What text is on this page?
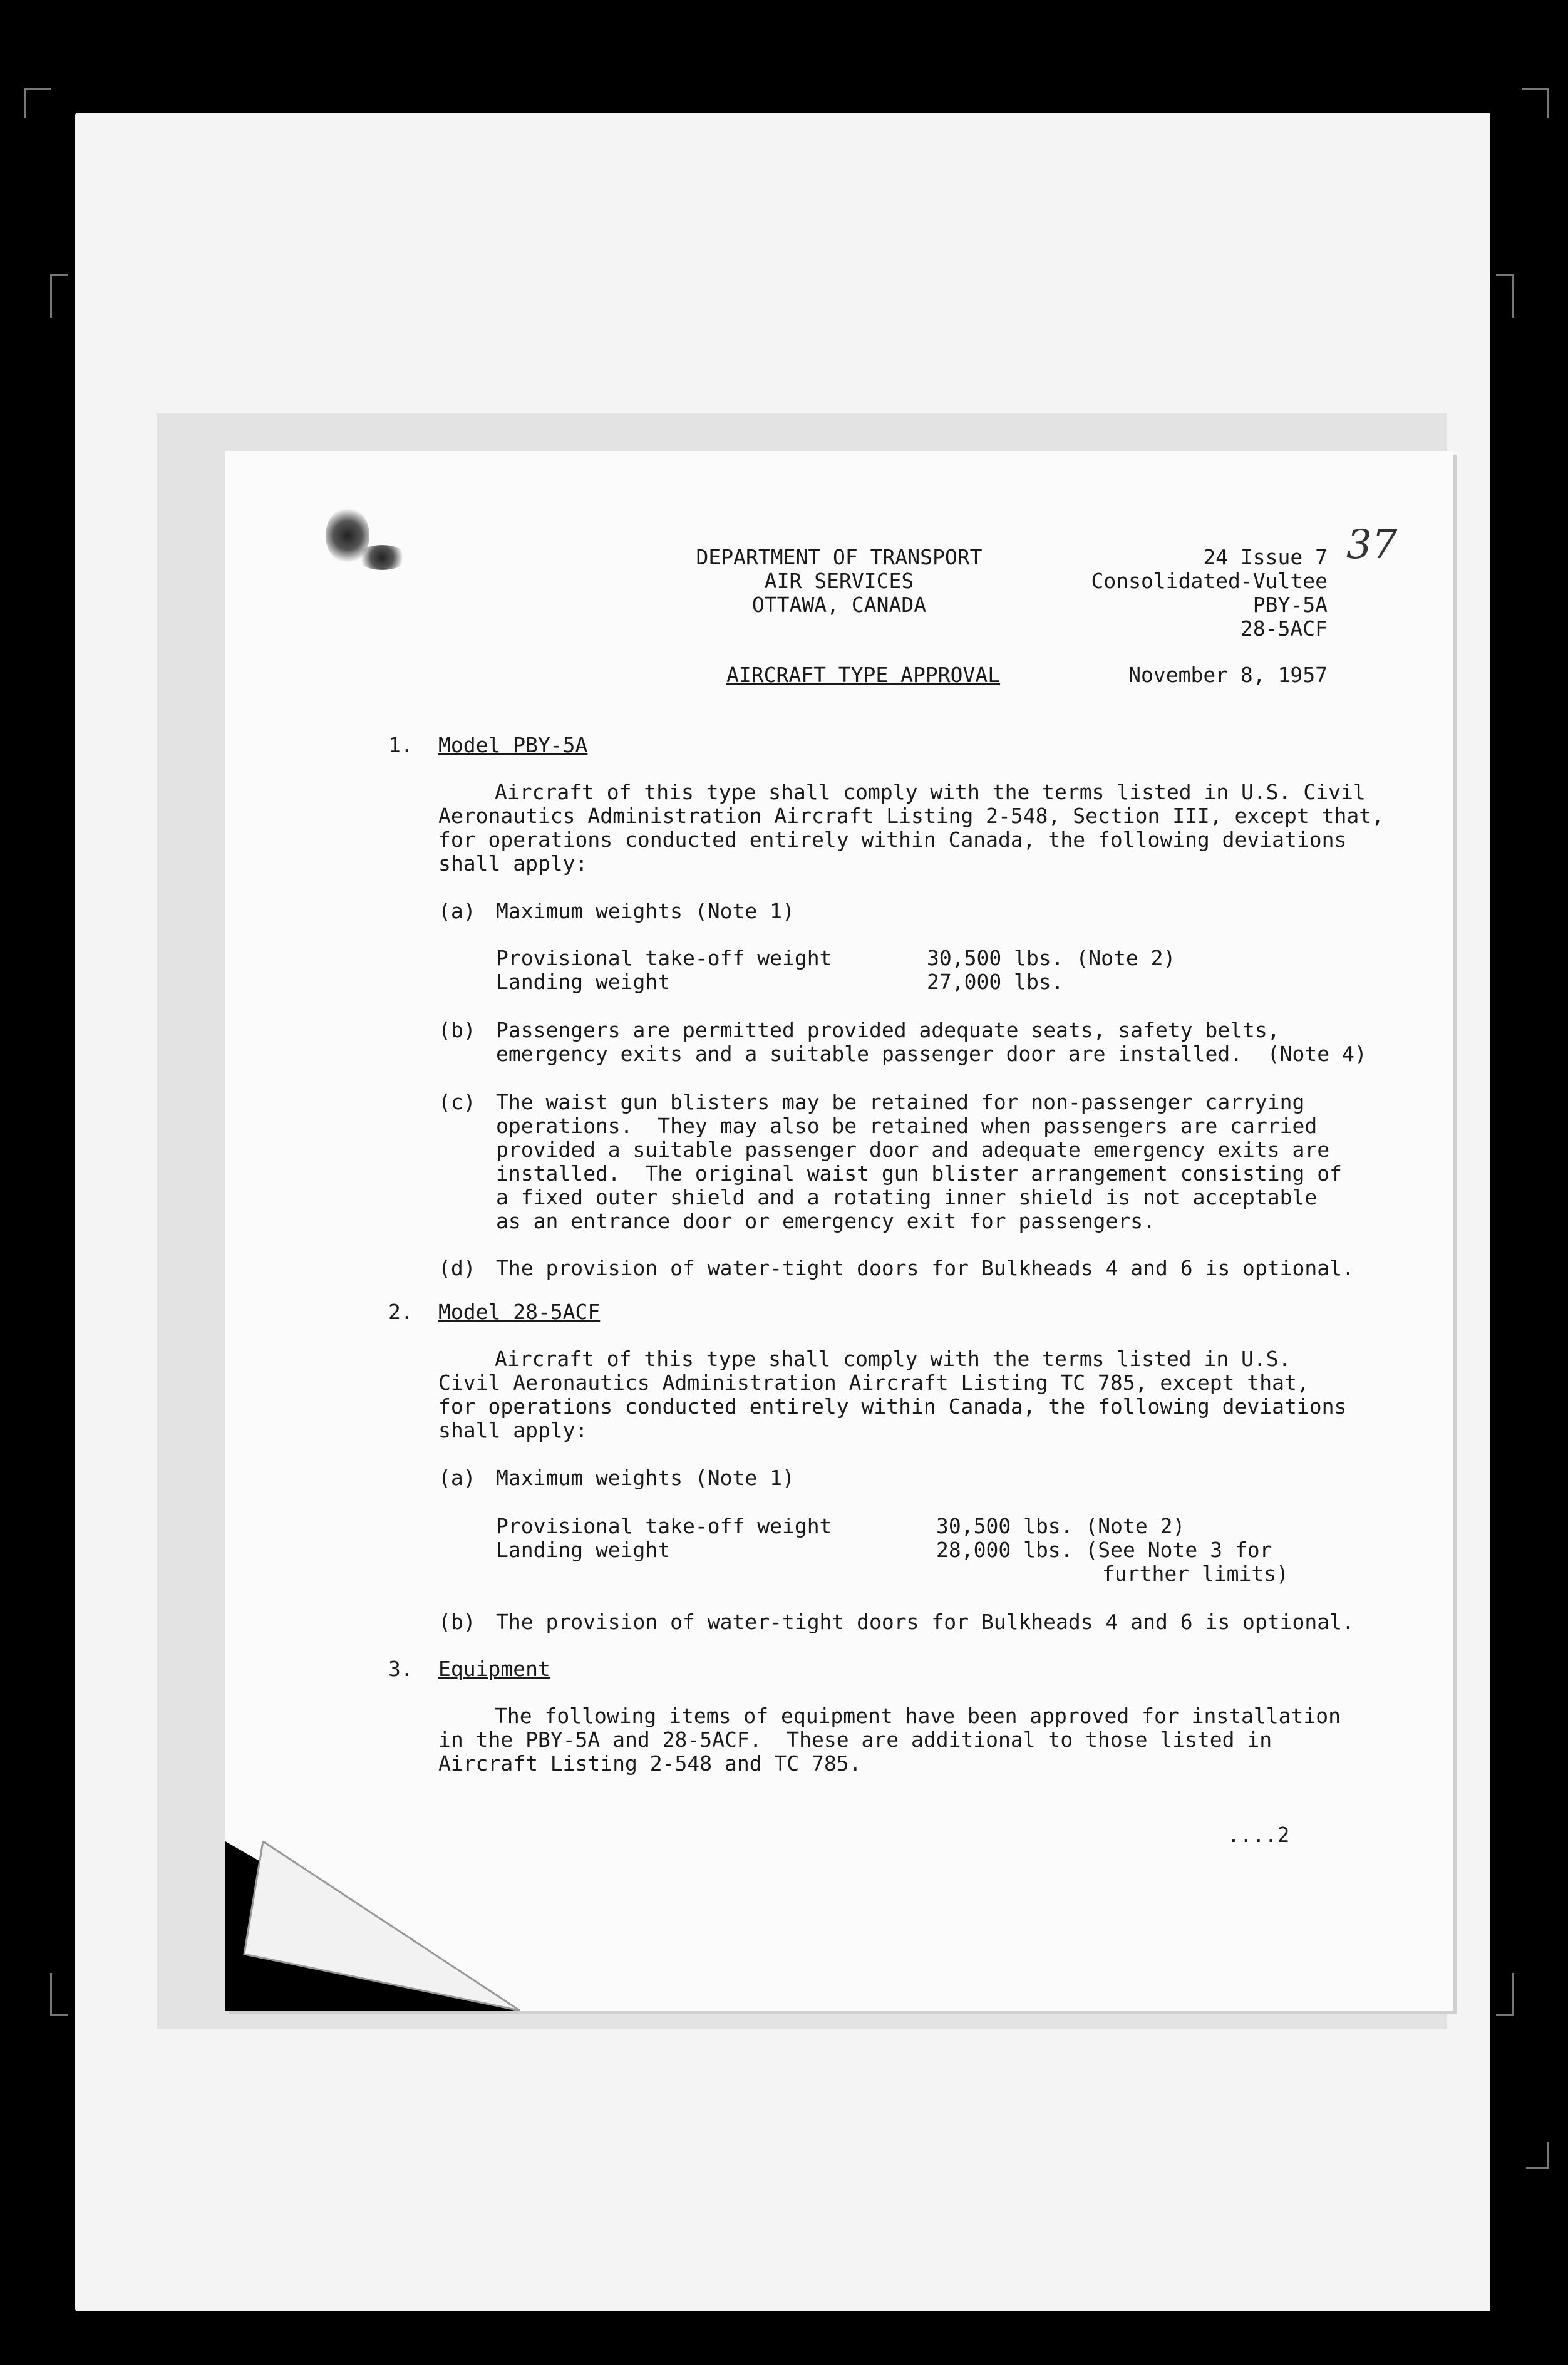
DEPARTMENT OF TRANSPORT
AIR SERVICES
OTTAWA, CANADA
24 Issue 7
Consolidated-Vultee
PBY-5A
28-5ACF
37
AIRCRAFT TYPE APPROVAL	November 8, 1957
1. Model PBY-5A
Aircraft of this type shall comply with the terms listed in U.S. Civil
Aeronautics Administration Aircraft Listing 2-548, Section III, except that,
for operations conducted entirely within Canada, the following deviations
shall apply:
(a) Maximum weights (Note 1)
Provisional take-off weight	30,500 lbs. (Note 2)
Landing weight	27,000 lbs.
(b) Passengers are permitted provided adequate seats, safety belts,
emergency exits and a suitable passenger door are installed.  (Note 4)
(c) The waist gun blisters may be retained for non-passenger carrying
operations.  They may also be retained when passengers are carried
provided a suitable passenger door and adequate emergency exits are
installed.  The original waist gun blister arrangement consisting of
a fixed outer shield and a rotating inner shield is not acceptable
as an entrance door or emergency exit for passengers.
(d) The provision of water-tight doors for Bulkheads 4 and 6 is optional.
2. Model 28-5ACF
Aircraft of this type shall comply with the terms listed in U.S.
Civil Aeronautics Administration Aircraft Listing TC 785, except that,
for operations conducted entirely within Canada, the following deviations
shall apply:
(a) Maximum weights (Note 1)
Provisional take-off weight	30,500 lbs. (Note 2)
Landing weight	28,000 lbs. (See Note 3 for
further limits)
(b) The provision of water-tight doors for Bulkheads 4 and 6 is optional.
3. Equipment
The following items of equipment have been approved for installation
in the PBY-5A and 28-5ACF.  These are additional to those listed in
Aircraft Listing 2-548 and TC 785.
....2
